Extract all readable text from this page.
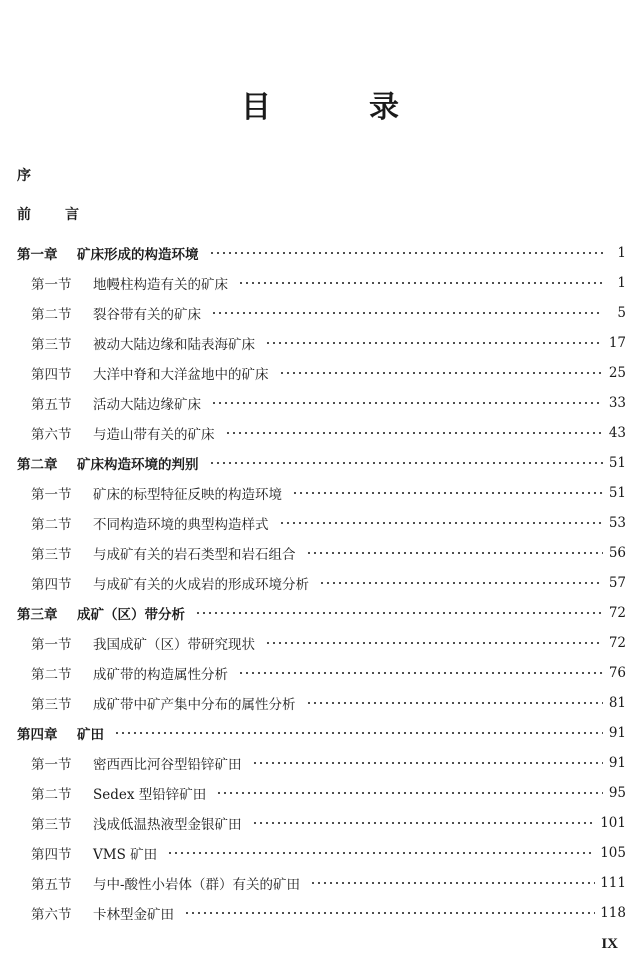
目　录
序
前　言
第一章	矿床形成的构造环境	1
第一节	地幔柱构造有关的矿床	1
第二节	裂谷带有关的矿床	5
第三节	被动大陆边缘和陆表海矿床	17
第四节	大洋中脊和大洋盆地中的矿床	25
第五节	活动大陆边缘矿床	33
第六节	与造山带有关的矿床	43
第二章	矿床构造环境的判别	51
第一节	矿床的标型特征反映的构造环境	51
第二节	不同构造环境的典型构造样式	53
第三节	与成矿有关的岩石类型和岩石组合	56
第四节	与成矿有关的火成岩的形成环境分析	57
第三章	成矿（区）带分析	72
第一节	我国成矿（区）带研究现状	72
第二节	成矿带的构造属性分析	76
第三节	成矿带中矿产集中分布的属性分析	81
第四章	矿田	91
第一节	密西西比河谷型铅锌矿田	91
第二节	Sedex 型铅锌矿田	95
第三节	浅成低温热液型金银矿田	101
第四节	VMS 矿田	105
第五节	与中-酸性小岩体（群）有关的矿田	111
第六节	卡林型金矿田	118
IX
